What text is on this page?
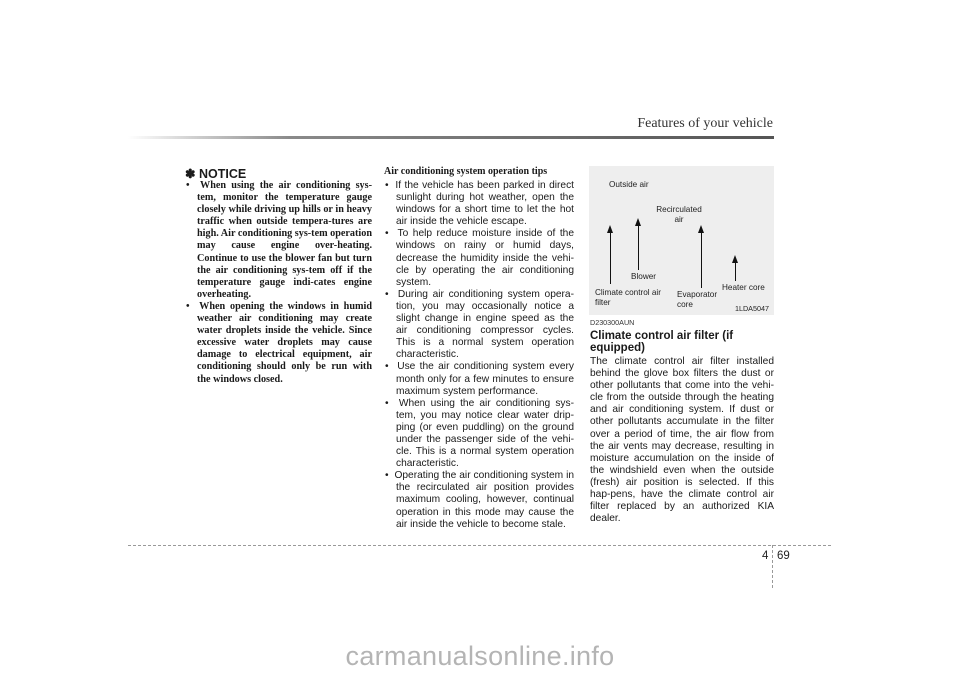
Features of your vehicle
✽ NOTICE
•  When using the air conditioning sys-tem, monitor the temperature gauge closely while driving up hills or in heavy traffic when outside tempera-tures are high. Air conditioning sys-tem operation may cause engine over-heating. Continue to use the blower fan but turn the air conditioning sys-tem off if the temperature gauge indi-cates engine overheating.
•  When opening the windows in humid weather air conditioning may create water droplets inside the vehicle. Since excessive water droplets may cause damage to electrical equipment, air conditioning should only be run with the windows closed.
Air conditioning system operation tips
•  If the vehicle has been parked in direct sunlight during hot weather, open the windows for a short time to let the hot air inside the vehicle escape.
•  To help reduce moisture inside of the windows on rainy or humid days, decrease the humidity inside the vehi-cle by operating the air conditioning system.
•  During air conditioning system opera-tion, you may occasionally notice a slight change in engine speed as the air conditioning compressor cycles. This is a normal system operation characteristic.
•  Use the air conditioning system every month only for a few minutes to ensure maximum system performance.
•  When using the air conditioning sys-tem, you may notice clear water drip-ping (or even puddling) on the ground under the passenger side of the vehi-cle. This is a normal system operation characteristic.
•  Operating the air conditioning system in the recirculated air position provides maximum cooling, however, continual operation in this mode may cause the air inside the vehicle to become stale.
Outside air
Recirculated air
Blower
Climate control air filter
Evaporator core
Heater core
1LDA5047
D230300AUN
Climate control air filter (if equipped)

The climate control air filter installed behind the glove box filters the dust or other pollutants that come into the vehi-cle from the outside through the heating and air conditioning system. If dust or other pollutants accumulate in the filter over a period of time, the air flow from the air vents may decrease, resulting in moisture accumulation on the inside of the windshield even when the outside (fresh) air position is selected. If this hap-pens, have the climate control air filter replaced by an authorized KIA dealer.

4 69
carmanualsonline.info
